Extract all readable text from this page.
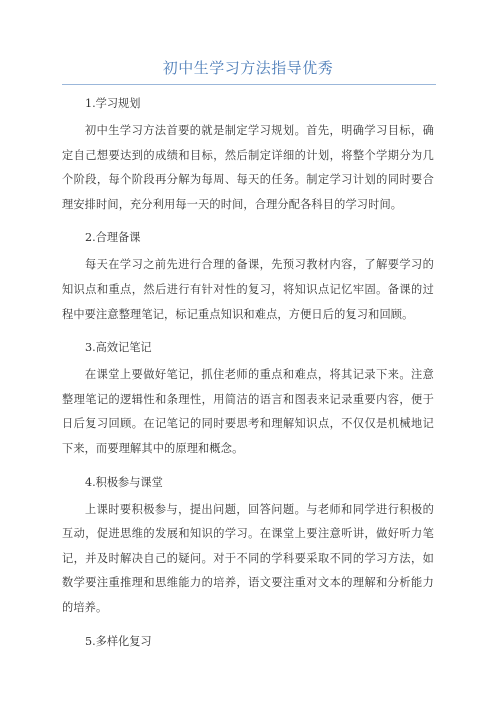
初中生学习方法指导优秀

1.学习规划

初中生学习方法首要的就是制定学习规划。首先，明确学习目标，确定自己想要达到的成绩和目标，然后制定详细的计划，将整个学期分为几个阶段，每个阶段再分解为每周、每天的任务。制定学习计划的同时要合理安排时间，充分利用每一天的时间，合理分配各科目的学习时间。

2.合理备课

每天在学习之前先进行合理的备课，先预习教材内容，了解要学习的知识点和重点，然后进行有针对性的复习，将知识点记忆牢固。备课的过程中要注意整理笔记，标记重点知识和难点，方便日后的复习和回顾。

3.高效记笔记

在课堂上要做好笔记，抓住老师的重点和难点，将其记录下来。注意整理笔记的逻辑性和条理性，用简洁的语言和图表来记录重要内容，便于日后复习回顾。在记笔记的同时要思考和理解知识点，不仅仅是机械地记下来，而要理解其中的原理和概念。

4.积极参与课堂

上课时要积极参与，提出问题，回答问题。与老师和同学进行积极的互动，促进思维的发展和知识的学习。在课堂上要注意听讲，做好听力笔记，并及时解决自己的疑问。对于不同的学科要采取不同的学习方法，如数学要注重推理和思维能力的培养，语文要注重对文本的理解和分析能力的培养。

5.多样化复习
